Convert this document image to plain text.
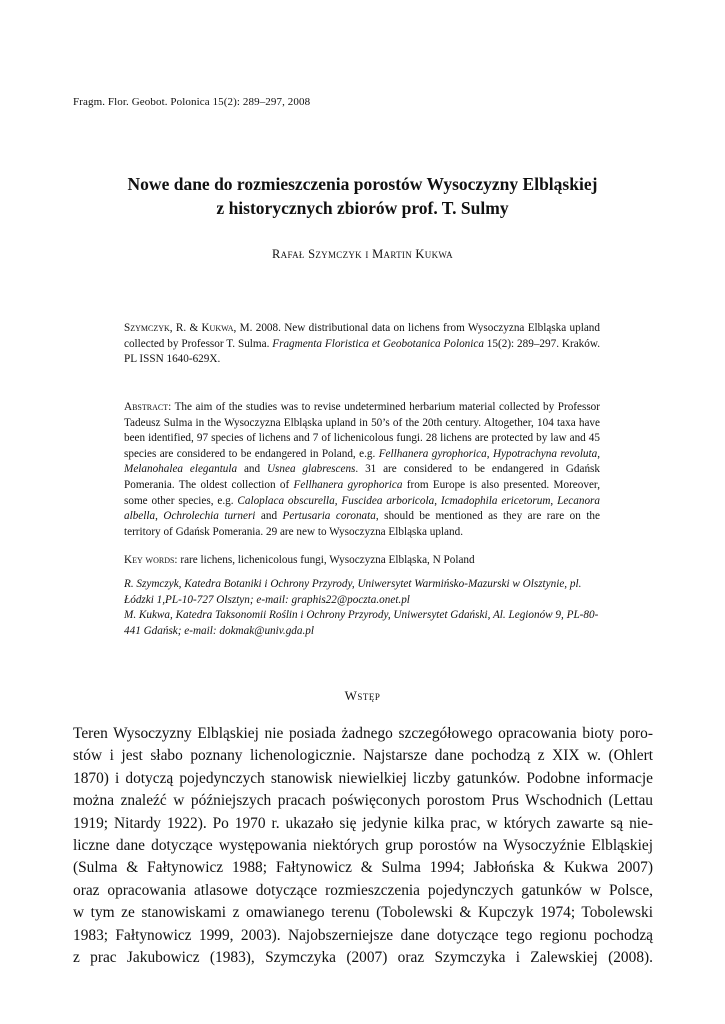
Fragm. Flor. Geobot. Polonica 15(2): 289–297, 2008
Nowe dane do rozmieszczenia porostów Wysoczyzny Elbląskiej
z historycznych zbiorów prof. T. Sulmy
Rafał Szymczyk i Martin Kukwa
Szymczyk, R. & Kukwa, M. 2008. New distributional data on lichens from Wysoczyzna Elbląska upland collected by Professor T. Sulma. Fragmenta Floristica et Geobotanica Polonica 15(2): 289–297. Kraków. PL ISSN 1640-629X.
Abstract: The aim of the studies was to revise undetermined herbarium material collected by Professor Tadeusz Sulma in the Wysoczyzna Elbląska upland in 50’s of the 20th century. Altogether, 104 taxa have been identified, 97 species of lichens and 7 of lichenicolous fungi. 28 lichens are protected by law and 45 species are considered to be endangered in Poland, e.g. Fellhanera gyrophorica, Hypotrachyna revoluta, Melanohalea elegantula and Usnea glabrescens. 31 are considered to be endangered in Gdańsk Pomerania. The oldest collection of Fellhanera gyrophorica from Europe is also presented. Moreover, some other species, e.g. Caloplaca obscurella, Fuscidea arboricola, Icmadophila ericetorum, Lecanora albella, Ochrolechia turneri and Pertusaria coronata, should be mentioned as they are rare on the territory of Gdańsk Pomerania. 29 are new to Wysoczyzna Elbląska upland.
Key words: rare lichens, lichenicolous fungi, Wysoczyzna Elbląska, N Poland
R. Szymczyk, Katedra Botaniki i Ochrony Przyrody, Uniwersytet Warmińsko-Mazurski w Olsztynie, pl. Łódzki 1,PL-10-727 Olsztyn; e-mail: graphis22@poczta.onet.pl
M. Kukwa, Katedra Taksonomii Roślin i Ochrony Przyrody, Uniwersytet Gdański, Al. Legionów 9, PL-80-441 Gdańsk; e-mail: dokmak@univ.gda.pl
Wstęp
Teren Wysoczyzny Elbląskiej nie posiada żadnego szczegółowego opracowania bioty poro-
stów i jest słabo poznany lichenologicznie. Najstarsze dane pochodzą z XIX w. (Ohlert
1870) i dotyczą pojedynczych stanowisk niewielkiej liczby gatunków. Podobne informacje
można znaleźć w późniejszych pracach poświęconych porostom Prus Wschodnich (Lettau
1919; Nitardy 1922). Po 1970 r. ukazało się jedynie kilka prac, w których zawarte są nie-
liczne dane dotyczące występowania niektórych grup porostów na Wysoczyźnie Elbląskiej
(Sulma & Fałtynowicz 1988; Fałtynowicz & Sulma 1994; Jabłońska & Kukwa 2007)
oraz opracowania atlasowe dotyczące rozmieszczenia pojedynczych gatunków w Polsce,
w tym ze stanowiskami z omawianego terenu (Tobolewski & Kupczyk 1974; Tobolewski
1983; Fałtynowicz 1999, 2003). Najobszerniejsze dane dotyczące tego regionu pochodzą
z prac Jakubowicz (1983), Szymczyka (2007) oraz Szymczyka i Zalewskiej (2008).
